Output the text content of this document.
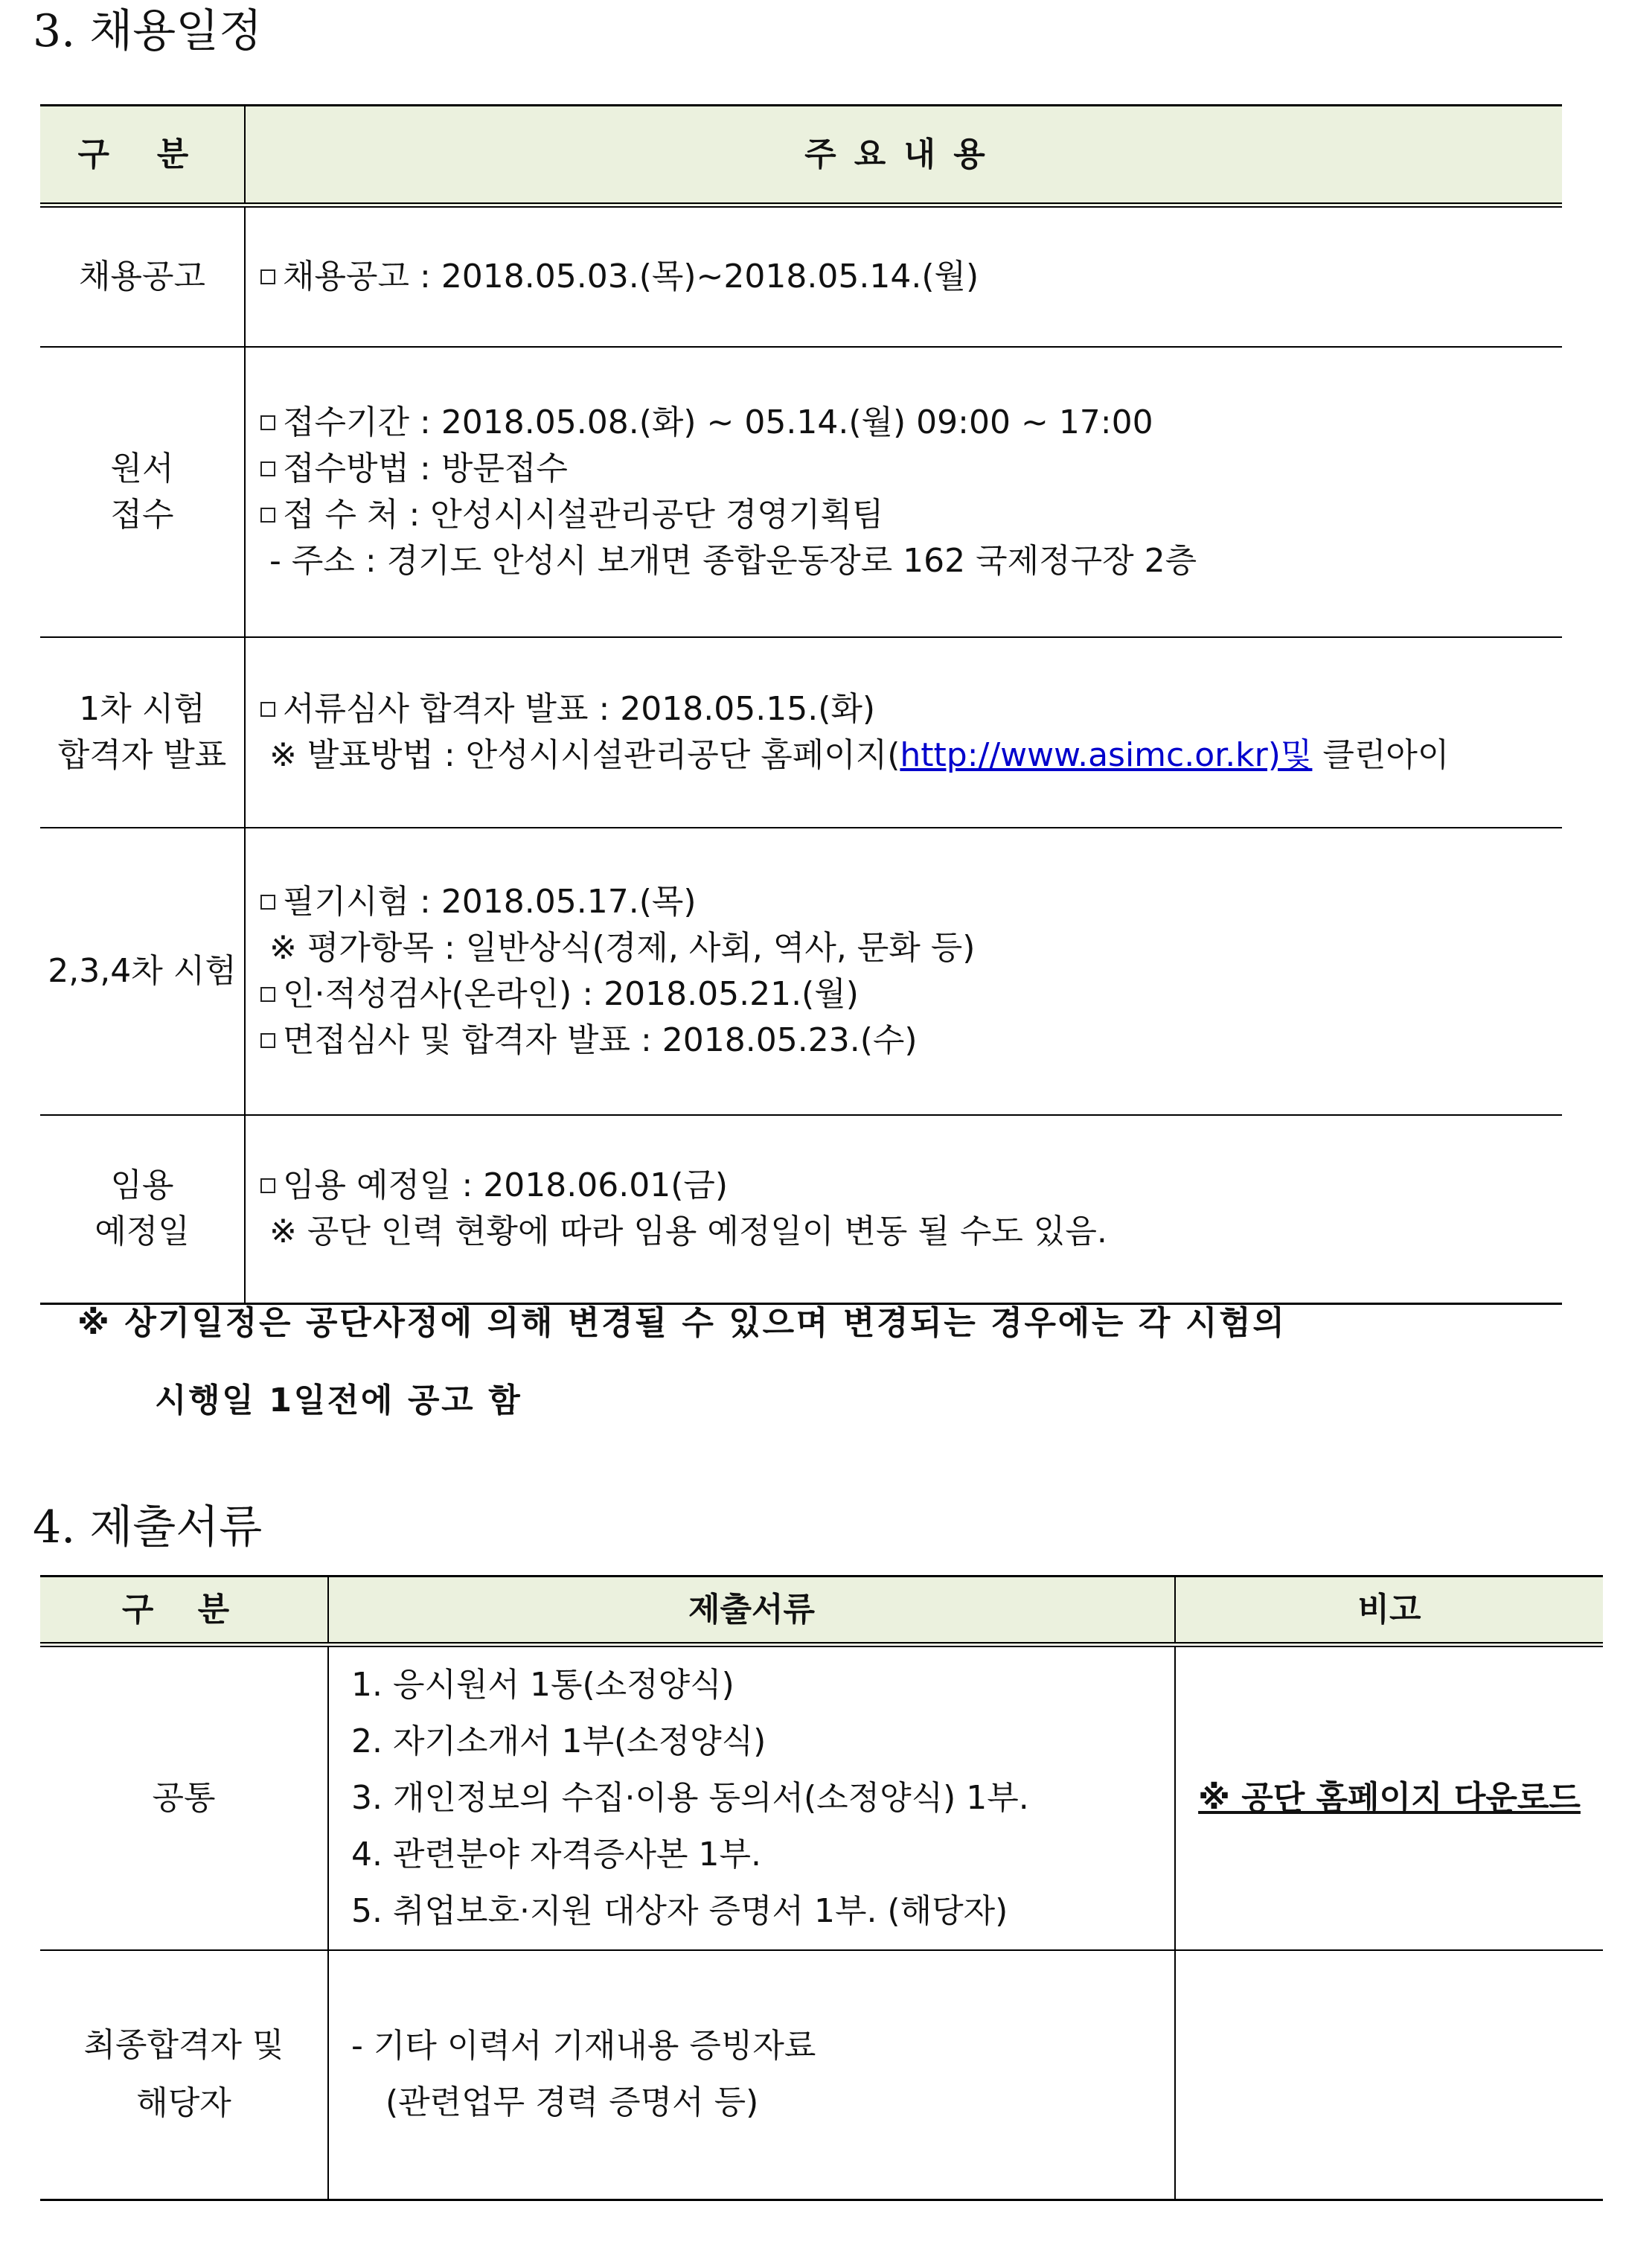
3. 채용일정
구 분	주요내용

채용공고	채용공고 : 2018.05.03.(목)~2018.05.14.(월)

원서
접수	접수기간 : 2018.05.08.(화) ~ 05.14.(월) 09:00 ~ 17:00
접수방법 : 방문접수
접 수 처 : 안성시시설관리공단 경영기획팀
- 주소 : 경기도 안성시 보개면 종합운동장로 162 국제정구장 2층

1차 시험
합격자 발표	서류심사 합격자 발표 : 2018.05.15.(화)
※ 발표방법 : 안성시시설관리공단 홈페이지(http://www.asimc.or.kr)및 클린아이

2,3,4차 시험	필기시험 : 2018.05.17.(목)
※ 평가항목 : 일반상식(경제, 사회, 역사, 문화 등)
인·적성검사(온라인) : 2018.05.21.(월)
면접심사 및 합격자 발표 : 2018.05.23.(수)

임용
예정일	임용 예정일 : 2018.06.01(금)
※ 공단 인력 현황에 따라 임용 예정일이 변동 될 수도 있음.
※ 상기일정은 공단사정에 의해 변경될 수 있으며 변경되는 경우에는 각 시험의
시행일 1일전에 공고 함
4. 제출서류
구 분	제출서류	비고

공통	1. 응시원서 1통(소정양식)
2. 자기소개서 1부(소정양식)
3. 개인정보의 수집·이용 동의서(소정양식) 1부.
4. 관련분야 자격증사본 1부.
5. 취업보호·지원 대상자 증명서 1부. (해당자)	※ 공단 홈페이지 다운로드

최종합격자 및
해당자	- 기타 이력서 기재내용 증빙자료
(관련업무 경력 증명서 등)	
